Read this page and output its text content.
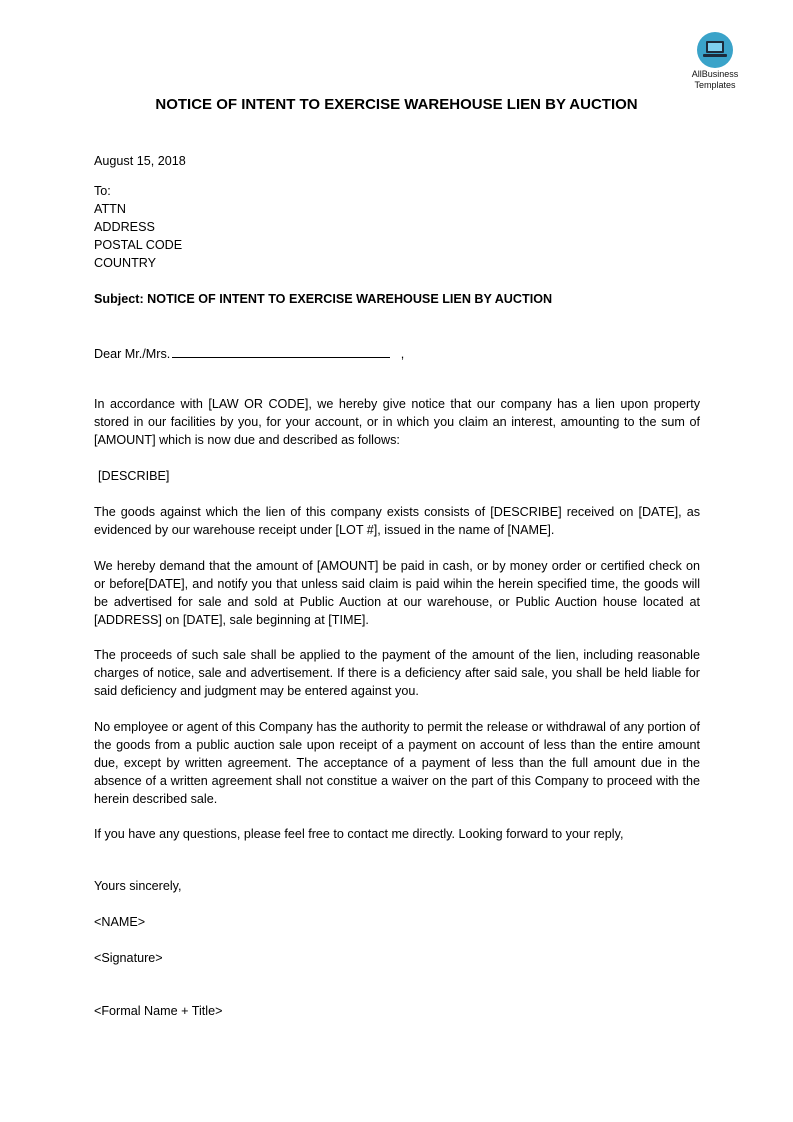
AllBusiness
Templates
NOTICE OF INTENT TO EXERCISE WAREHOUSE LIEN BY AUCTION
August 15, 2018
To:
ATTN
ADDRESS
POSTAL CODE
COUNTRY
Subject: NOTICE OF INTENT TO EXERCISE WAREHOUSE LIEN BY AUCTION
Dear Mr./Mrs.	,
In accordance with [LAW OR CODE], we hereby give notice that our company has a lien upon property stored in our facilities by you, for your account, or in which you claim an interest, amounting to the sum of [AMOUNT] which is now due and described as follows:
[DESCRIBE]
The goods against which the lien of this company exists consists of [DESCRIBE] received on [DATE], as evidenced by our warehouse receipt under [LOT #], issued in the name of [NAME].
We hereby demand that the amount of [AMOUNT] be paid in cash, or by money order or certified check on or before[DATE], and notify you that unless said claim is paid wihin the herein specified time, the goods will be advertised for sale and sold at Public Auction at our warehouse, or Public Auction house located at [ADDRESS] on [DATE], sale beginning at [TIME].
The proceeds of such sale shall be applied to the payment of the amount of the lien, including reasonable charges of notice, sale and advertisement. If there is a deficiency after said sale, you shall be held liable for said deficiency and judgment may be entered against you.
No employee or agent of this Company has the authority to permit the release or withdrawal of any portion of the goods from a public auction sale upon receipt of a payment on account of less than the entire amount due, except by written agreement. The acceptance of a payment of less than the full amount due in the absence of a written agreement shall not constitue a waiver on the part of this Company to proceed with the herein described sale.
If you have any questions, please feel free to contact me directly. Looking forward to your reply,
Yours sincerely,
<NAME>
<Signature>
<Formal Name + Title>
